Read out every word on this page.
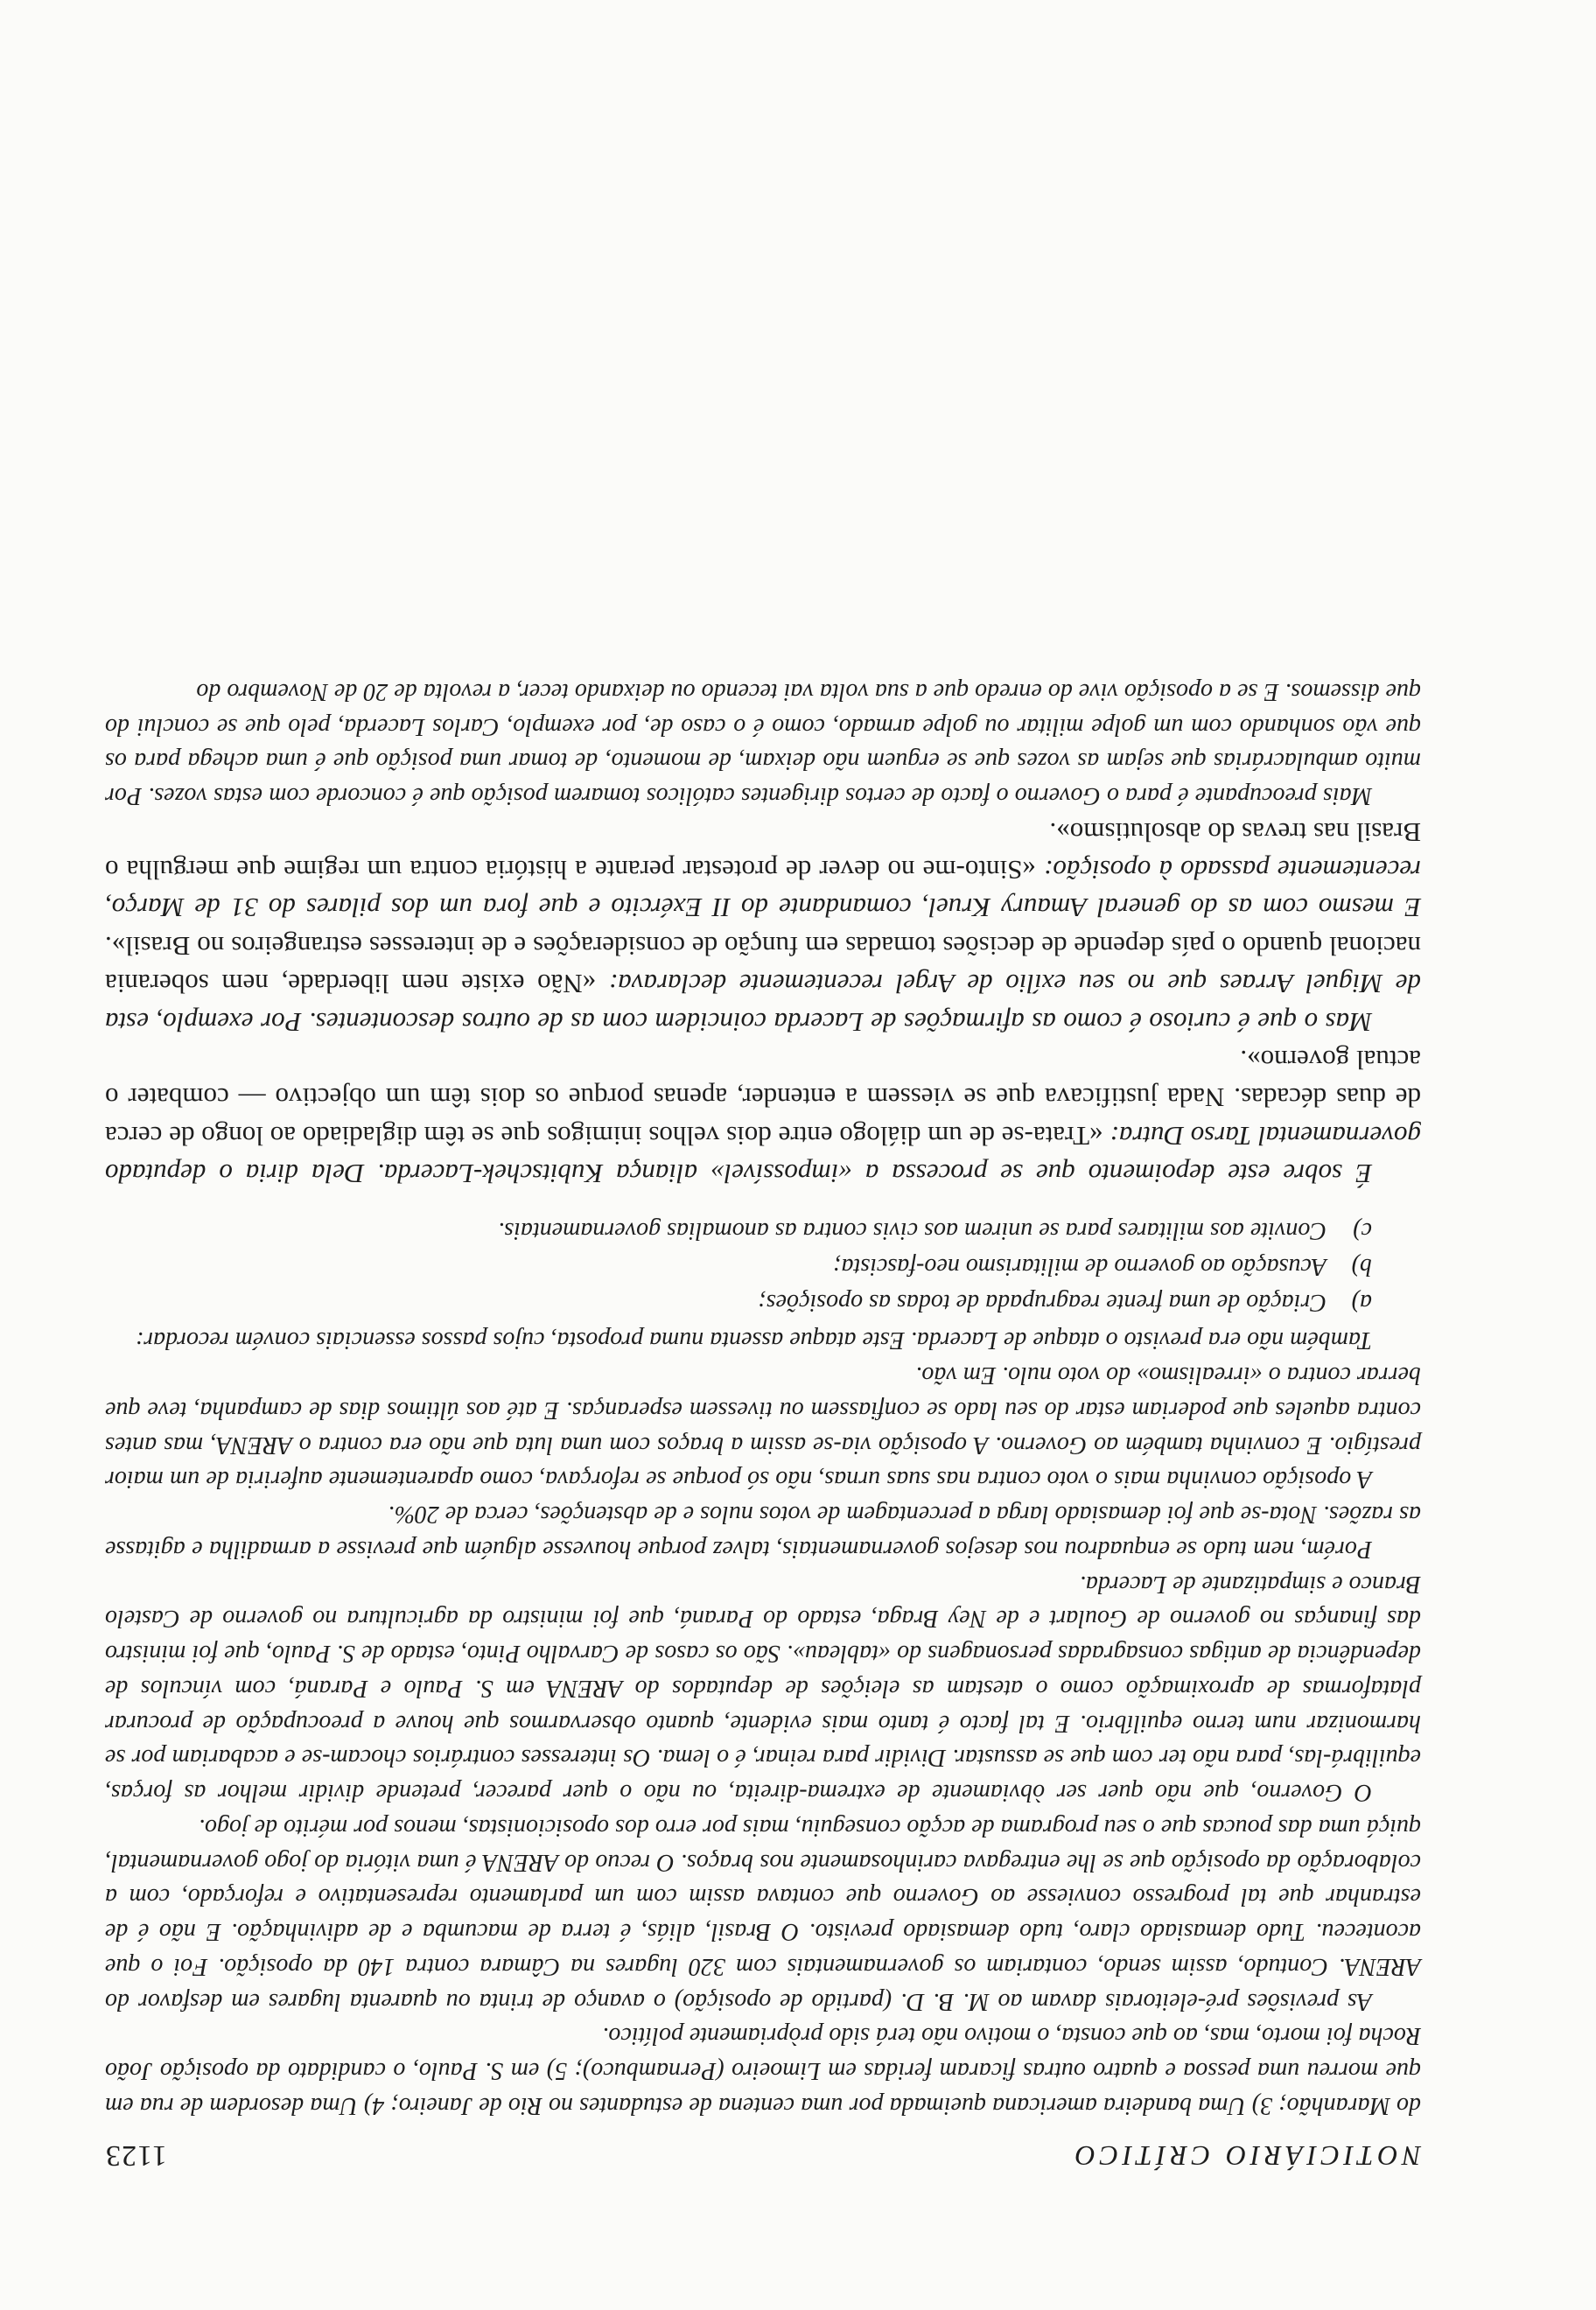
NOTICIÁRIO CRÍTICO
1123

do Maranhão; 3) Uma bandeira americana queimada por uma centena de estudantes no Rio de Janeiro; 4) Uma desordem de rua em que morreu uma pessoa e quatro outras ficaram feridas em Limoeiro (Pernambuco); 5) em S. Paulo, o candidato da oposição João Rocha foi morto, mas, ao que consta, o motivo não terá sido pròpriamente político.

As previsões pré-eleitorais davam ao M. B. D. (partido de oposição) o avanço de trinta ou quarenta lugares em desfavor do ARENA. Contudo, assim sendo, contariam os governamentais com 320 lugares na Câmara contra 140 da oposição. Foi o que aconteceu. Tudo demasiado claro, tudo demasiado previsto. O Brasil, aliás, é terra de macumba e de adivinhação. E não é de estranhar que tal progresso conviesse ao Governo que contava assim com um parlamento representativo e reforçado, com a colaboração da oposição que se lhe entregava carinhosamente nos braços. O recuo do ARENA é uma vitória do jogo governamental, quiçá uma das poucas que o seu programa de acção conseguiu, mais por erro dos oposicionistas, menos por mérito de jogo.

O Governo, que não quer ser òbviamente de extrema-direita, ou não o quer parecer, pretende dividir melhor as forças, equilibrá-las, para não ter com que se assustar. Dividir para reinar, é o lema. Os interesses contrários chocam-se e acabariam por se harmonizar num terno equilíbrio. E tal facto é tanto mais evidente, quanto observarmos que houve a preocupação de procurar plataformas de aproximação como o atestam as eleições de deputados do ARENA em S. Paulo e Paraná, com vínculos de dependência de antigas consagradas personagens do «tableau». São os casos de Carvalho Pinto, estado de S. Paulo, que foi ministro das finanças no governo de Goulart e de Ney Braga, estado do Paraná, que foi ministro da agricultura no governo de Castelo Branco e simpatizante de Lacerda.

Porém, nem tudo se enquadrou nos desejos governamentais, talvez porque houvesse alguém que previsse a armadilha e agitasse as razões. Nota-se que foi demasiado larga a percentagem de votos nulos e de abstenções, cerca de 20%.

A oposição convinha mais o voto contra nas suas urnas, não só porque se reforçava, como aparentemente auferiria de um maior prestígio. E convinha também ao Governo. A oposição via-se assim a braços com uma luta que não era contra o ARENA, mas antes contra aqueles que poderiam estar do seu lado se confiassem ou tivessem esperanças. E até aos últimos dias de campanha, teve que berrar contra o «irrealismo» do voto nulo. Em vão.

Também não era previsto o ataque de Lacerda. Este ataque assenta numa proposta, cujos passos essenciais convém recordar:

a)
Criação de uma frente reagrupada de todas as oposições;
b)
Acusação ao governo de militarismo neo-fascista;
c)
Convite aos militares para se unirem aos civis contra as anomalias governamentais.

É sobre este depoimento que se processa a «impossível» aliança Kubitschek-Lacerda. Dela diria o deputado governamental Tarso Dutra: «Trata-se de um diálogo entre dois velhos inimigos que se têm digladiado ao longo de cerca de duas décadas. Nada justificava que se viessem a entender, apenas porque os dois têm um objectivo — combater o actual governo».

Mas o que é curioso é como as afirmações de Lacerda coincidem com as de outros descontentes. Por exemplo, esta de Miguel Arraes que no seu exílio de Argel recentemente declarava: «Não existe nem liberdade, nem soberania nacional quando o país depende de decisões tomadas em função de considerações e de interesses estrangeiros no Brasil». E mesmo com as do general Amaury Kruel, comandante do II Exército e que fora um dos pilares do 31 de Março, recentemente passado à oposição: «Sinto-me no dever de protestar perante a história contra um regime que mergulha o Brasil nas trevas do absolutismo».

Mais preocupante é para o Governo o facto de certos dirigentes católicos tomarem posição que é concorde com estas vozes. Por muito ambulacrárias que sejam as vozes que se erguem não deixam, de momento, de tomar uma posição que é uma achega para os que vão sonhando com um golpe militar ou golpe armado, como é o caso de, por exemplo, Carlos Lacerda, pelo que se conclui do que dissemos. E se a oposição vive do enredo que a sua volta vai tecendo ou deixando tecer, a revolta de 20 de Novembro do
